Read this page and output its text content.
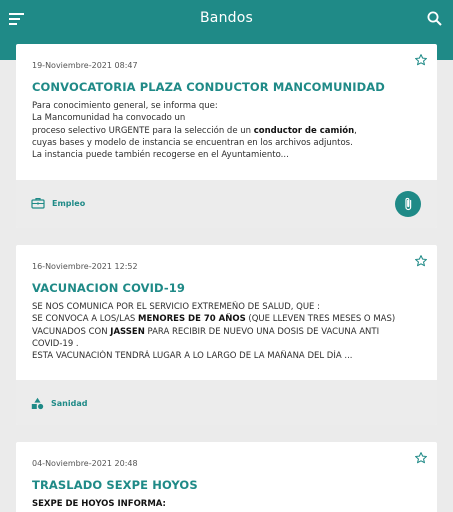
Bandos
19-Noviembre-2021 08:47
CONVOCATORIA PLAZA CONDUCTOR MANCOMUNIDAD

Para conocimiento general, se informa que:

La Mancomunidad ha convocado un

proceso selectivo URGENTE para la selección de un conductor de camión,

cuyas bases y modelo de instancia se encuentran en los archivos adjuntos.

La instancia puede también recogerse en el Ayuntamiento...

Empleo
16-Noviembre-2021 12:52
VACUNACION COVID-19

SE NOS COMUNICA POR EL SERVICIO EXTREMEÑO DE SALUD, QUE :

SE CONVOCA A LOS/LAS MENORES DE 70 AÑOS (QUE LLEVEN TRES MESES O MAS)

VACUNADOS CON JASSEN PARA RECIBIR DE NUEVO UNA DOSIS DE VACUNA ANTI

COVID-19 .

ESTA VACUNACIÓN TENDRÁ LUGAR A LO LARGO DE LA MAÑANA DEL DÍA ...

Sanidad
04-Noviembre-2021 20:48
TRASLADO SEXPE HOYOS

SEXPE DE HOYOS INFORMA:
